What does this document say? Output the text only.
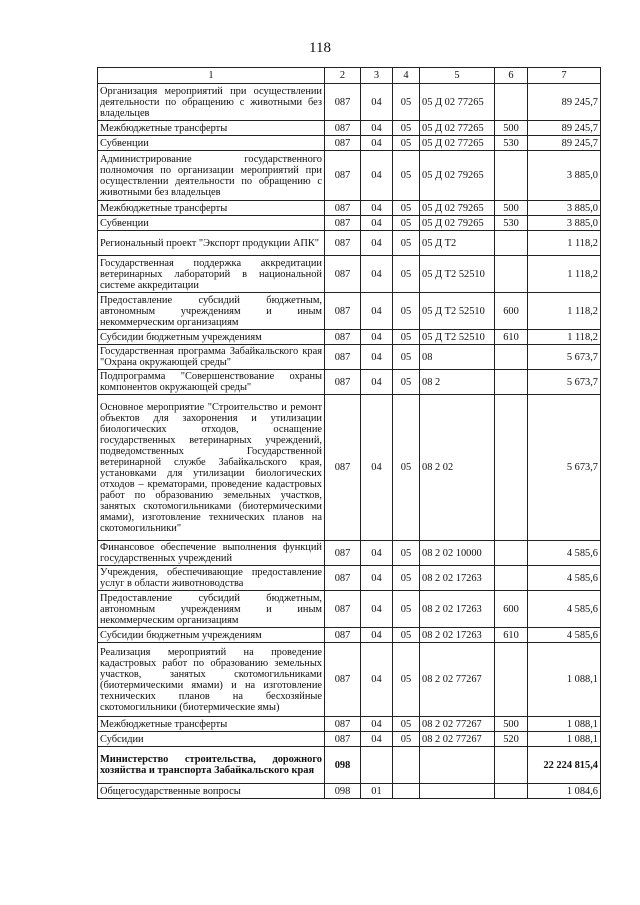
118
1	2	3	4	5	6	7
Организация мероприятий при осуществлении деятельности по обращению с животными без владельцев	087	04	05	05 Д 02 77265		89 245,7
Межбюджетные трансферты	087	04	05	05 Д 02 77265	500	89 245,7
Субвенции	087	04	05	05 Д 02 77265	530	89 245,7
Администрирование государственного полномочия по организации мероприятий при осуществлении деятельности по обращению с животными без владельцев	087	04	05	05 Д 02 79265		3 885,0
Межбюджетные трансферты	087	04	05	05 Д 02 79265	500	3 885,0
Субвенции	087	04	05	05 Д 02 79265	530	3 885,0
Региональный проект "Экспорт продукции АПК"	087	04	05	05 Д Т2		1 118,2
Государственная поддержка аккредитации ветеринарных лабораторий в национальной системе аккредитации	087	04	05	05 Д Т2 52510		1 118,2
Предоставление субсидий бюджетным, автономным учреждениям и иным некоммерческим организациям	087	04	05	05 Д Т2 52510	600	1 118,2
Субсидии бюджетным учреждениям	087	04	05	05 Д Т2 52510	610	1 118,2
Государственная программа Забайкальского края "Охрана окружающей среды"	087	04	05	08		5 673,7
Подпрограмма "Совершенствование охраны компонентов окружающей среды"	087	04	05	08 2		5 673,7
Основное мероприятие "Строительство и ремонт объектов для захоронения и утилизации биологических отходов, оснащение государственных ветеринарных учреждений, подведомственных Государственной ветеринарной службе Забайкальского края, установками для утилизации биологических отходов – крематорами, проведение кадастровых работ по образованию земельных участков, занятых скотомогильниками (биотермическими ямами), изготовление технических планов на скотомогильники"	087	04	05	08 2 02		5 673,7
Финансовое обеспечение выполнения функций государственных учреждений	087	04	05	08 2 02 10000		4 585,6
Учреждения, обеспечивающие предоставление услуг в области животноводства	087	04	05	08 2 02 17263		4 585,6
Предоставление субсидий бюджетным, автономным учреждениям и иным некоммерческим организациям	087	04	05	08 2 02 17263	600	4 585,6
Субсидии бюджетным учреждениям	087	04	05	08 2 02 17263	610	4 585,6
Реализация мероприятий на проведение кадастровых работ по образованию земельных участков, занятых скотомогильниками (биотермическими ямами) и на изготовление технических планов на бесхозяйные скотомогильники (биотермические ямы)	087	04	05	08 2 02 77267		1 088,1
Межбюджетные трансферты	087	04	05	08 2 02 77267	500	1 088,1
Субсидии	087	04	05	08 2 02 77267	520	1 088,1
Министерство строительства, дорожного хозяйства и транспорта Забайкальского края	098					22 224 815,4
Общегосударственные вопросы	098	01				1 084,6
